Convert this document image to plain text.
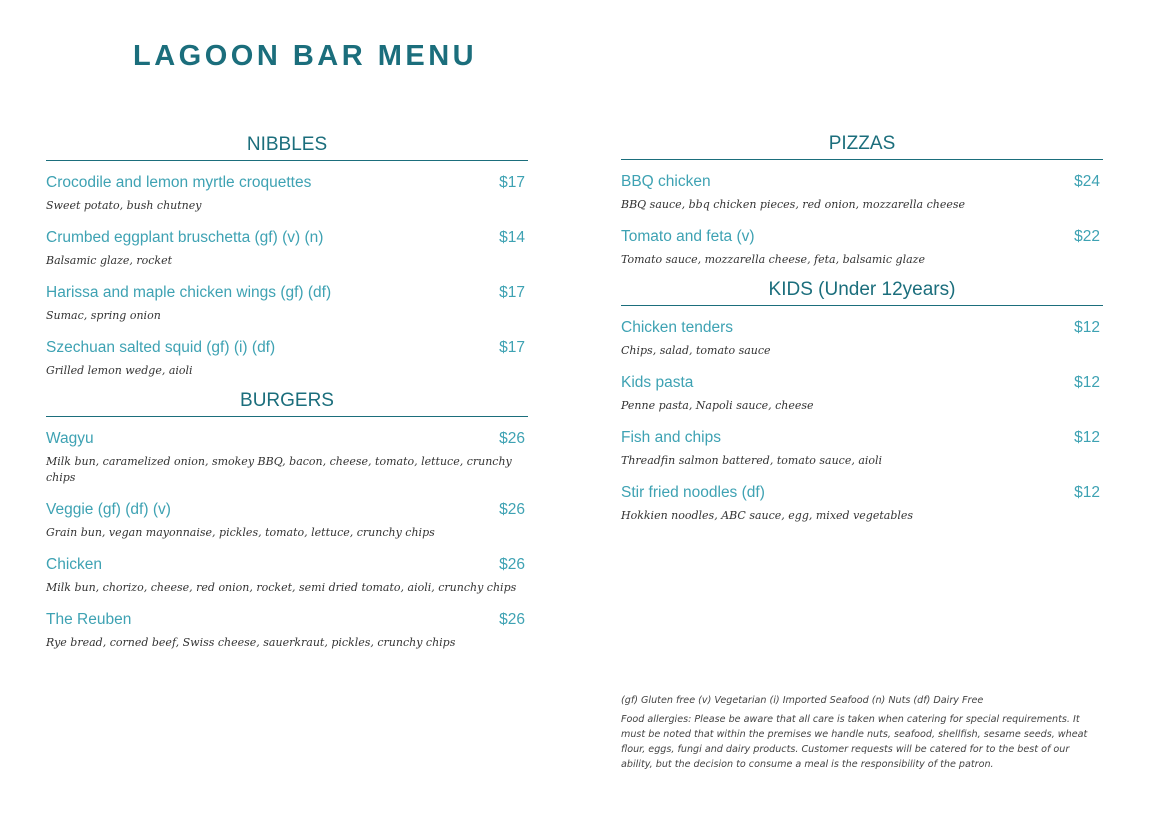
LAGOON BAR MENU
NIBBLES
Crocodile and lemon myrtle croquettes	$17
Sweet potato, bush chutney
Crumbed eggplant bruschetta (gf) (v) (n)	$14
Balsamic glaze, rocket
Harissa and maple chicken wings (gf) (df)	$17
Sumac, spring onion
Szechuan salted squid (gf) (i) (df)	$17
Grilled lemon wedge, aioli
BURGERS
Wagyu	$26
Milk bun, caramelized onion, smokey BBQ, bacon, cheese, tomato, lettuce, crunchy chips
Veggie (gf) (df) (v)	$26
Grain bun, vegan mayonnaise, pickles, tomato, lettuce, crunchy chips
Chicken	$26
Milk bun, chorizo, cheese, red onion, rocket, semi dried tomato, aioli, crunchy chips
The Reuben	$26
Rye bread, corned beef, Swiss cheese, sauerkraut, pickles, crunchy chips
PIZZAS
BBQ chicken	$24
BBQ sauce, bbq chicken pieces, red onion, mozzarella cheese
Tomato and feta (v)	$22
Tomato sauce, mozzarella cheese, feta, balsamic glaze
KIDS (Under 12years)
Chicken tenders	$12
Chips, salad, tomato sauce
Kids pasta	$12
Penne pasta, Napoli sauce, cheese
Fish and chips	$12
Threadfin salmon battered, tomato sauce, aioli
Stir fried noodles (df)	$12
Hokkien noodles, ABC sauce, egg, mixed vegetables

(gf) Gluten free (v) Vegetarian (i) Imported Seafood (n) Nuts (df) Dairy Free

Food allergies: Please be aware that all care is taken when catering for special requirements. It must be noted that within the premises we handle nuts, seafood, shellfish, sesame seeds, wheat flour, eggs, fungi and dairy products. Customer requests will be catered for to the best of our ability, but the decision to consume a meal is the responsibility of the patron.
